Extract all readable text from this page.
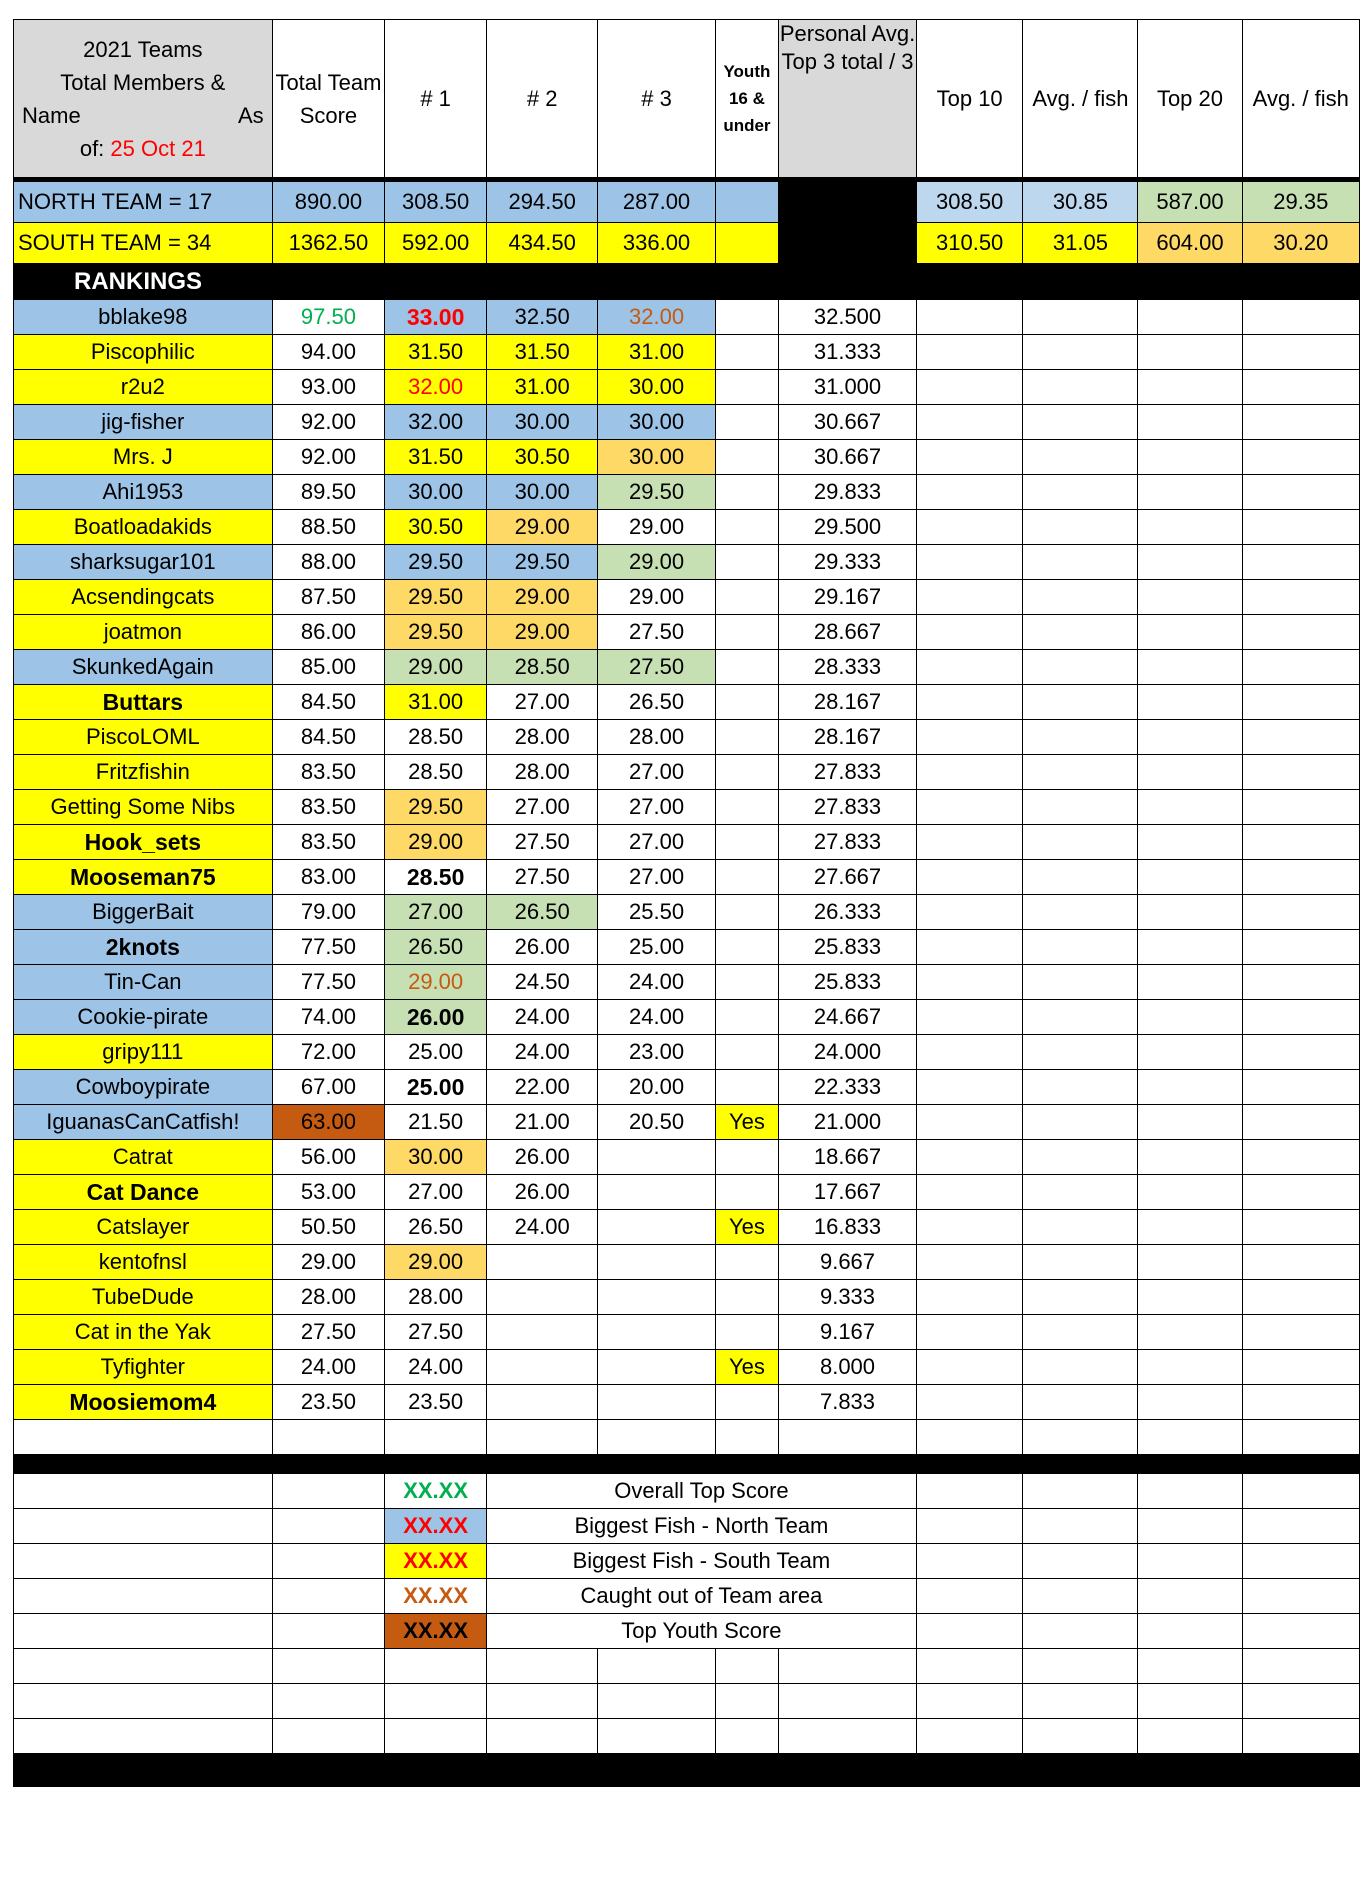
2021 Teams
Total Members &
Name As
of: 25 Oct 21	Total Team Score	# 1	# 2	# 3	Youth 16 & under	Personal Avg. Top 3 total / 3	Top 10	Avg. / fish	Top 20	Avg. / fish

NORTH TEAM = 17	890.00	308.50	294.50	287.00			308.50	30.85	587.00	29.35
SOUTH TEAM = 34	1362.50	592.00	434.50	336.00			310.50	31.05	604.00	30.20
RANKINGS										
bblake98	97.50	33.00	32.50	32.00		32.500				
Piscophilic	94.00	31.50	31.50	31.00		31.333				
r2u2	93.00	32.00	31.00	30.00		31.000				
jig-fisher	92.00	32.00	30.00	30.00		30.667				
Mrs. J	92.00	31.50	30.50	30.00		30.667				
Ahi1953	89.50	30.00	30.00	29.50		29.833				
Boatloadakids	88.50	30.50	29.00	29.00		29.500				
sharksugar101	88.00	29.50	29.50	29.00		29.333				
Acsendingcats	87.50	29.50	29.00	29.00		29.167				
joatmon	86.00	29.50	29.00	27.50		28.667				
SkunkedAgain	85.00	29.00	28.50	27.50		28.333				
Buttars	84.50	31.00	27.00	26.50		28.167				
PiscoLOML	84.50	28.50	28.00	28.00		28.167				
Fritzfishin	83.50	28.50	28.00	27.00		27.833				
Getting Some Nibs	83.50	29.50	27.00	27.00		27.833				
Hook_sets	83.50	29.00	27.50	27.00		27.833				
Mooseman75	83.00	28.50	27.50	27.00		27.667				
BiggerBait	79.00	27.00	26.50	25.50		26.333				
2knots	77.50	26.50	26.00	25.00		25.833				
Tin-Can	77.50	29.00	24.50	24.00		25.833				
Cookie-pirate	74.00	26.00	24.00	24.00		24.667				
gripy111	72.00	25.00	24.00	23.00		24.000				
Cowboypirate	67.00	25.00	22.00	20.00		22.333				
IguanasCanCatfish!	63.00	21.50	21.00	20.50	Yes	21.000				
Catrat	56.00	30.00	26.00			18.667				
Cat Dance	53.00	27.00	26.00			17.667				
Catslayer	50.50	26.50	24.00		Yes	16.833				
kentofnsl	29.00	29.00				9.667				
TubeDude	28.00	28.00				9.333				
Cat in the Yak	27.50	27.50				9.167				
Tyfighter	24.00	24.00			Yes	8.000				
Moosiemom4	23.50	23.50				7.833				

		XX.XX	Overall Top Score							
		XX.XX	Biggest Fish - North Team							
		XX.XX	Biggest Fish - South Team							
		XX.XX	Caught out of Team area							
		XX.XX	Top Youth Score							
